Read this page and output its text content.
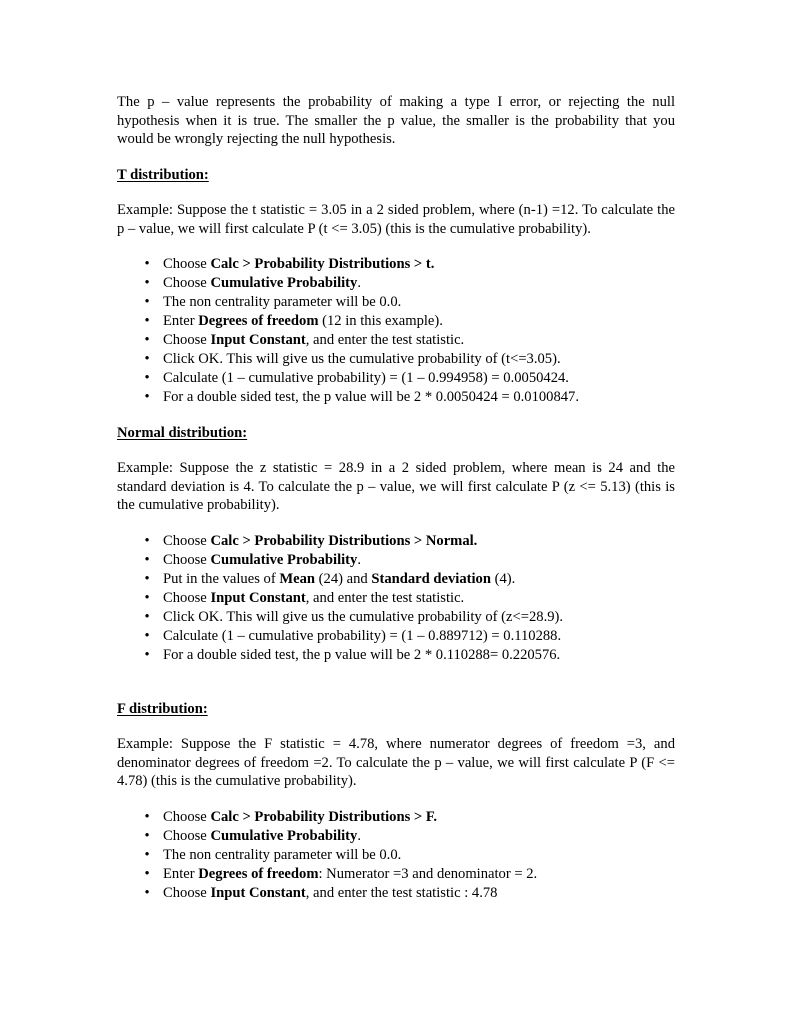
The p – value represents the probability of making a type I error, or rejecting the null hypothesis when it is true. The smaller the p value, the smaller is the probability that you would be wrongly rejecting the null hypothesis.

T distribution:

Example: Suppose the t statistic = 3.05 in a 2 sided problem, where (n-1) =12. To calculate the p – value, we will first calculate P (t <= 3.05) (this is the cumulative probability).

• Choose Calc > Probability Distributions > t.
• Choose Cumulative Probability.
• The non centrality parameter will be 0.0.
• Enter Degrees of freedom (12 in this example).
• Choose Input Constant, and enter the test statistic.
• Click OK. This will give us the cumulative probability of (t<=3.05).
• Calculate (1 – cumulative probability) = (1 – 0.994958) = 0.0050424.
• For a double sided test, the p value will be 2 * 0.0050424 = 0.0100847.

Normal distribution:

Example: Suppose the z statistic = 28.9 in a 2 sided problem, where mean is 24 and the standard deviation is 4. To calculate the p – value, we will first calculate P (z <= 5.13) (this is the cumulative probability).

• Choose Calc > Probability Distributions > Normal.
• Choose Cumulative Probability.
• Put in the values of Mean (24) and Standard deviation (4).
• Choose Input Constant, and enter the test statistic.
• Click OK. This will give us the cumulative probability of (z<=28.9).
• Calculate (1 – cumulative probability) = (1 – 0.889712) = 0.110288.
• For a double sided test, the p value will be 2 * 0.110288= 0.220576.

F distribution:

Example: Suppose the F statistic = 4.78, where numerator degrees of freedom =3, and denominator degrees of freedom =2. To calculate the p – value, we will first calculate P (F <= 4.78) (this is the cumulative probability).

• Choose Calc > Probability Distributions > F.
• Choose Cumulative Probability.
• The non centrality parameter will be 0.0.
• Enter Degrees of freedom: Numerator =3 and denominator = 2.
• Choose Input Constant, and enter the test statistic : 4.78
